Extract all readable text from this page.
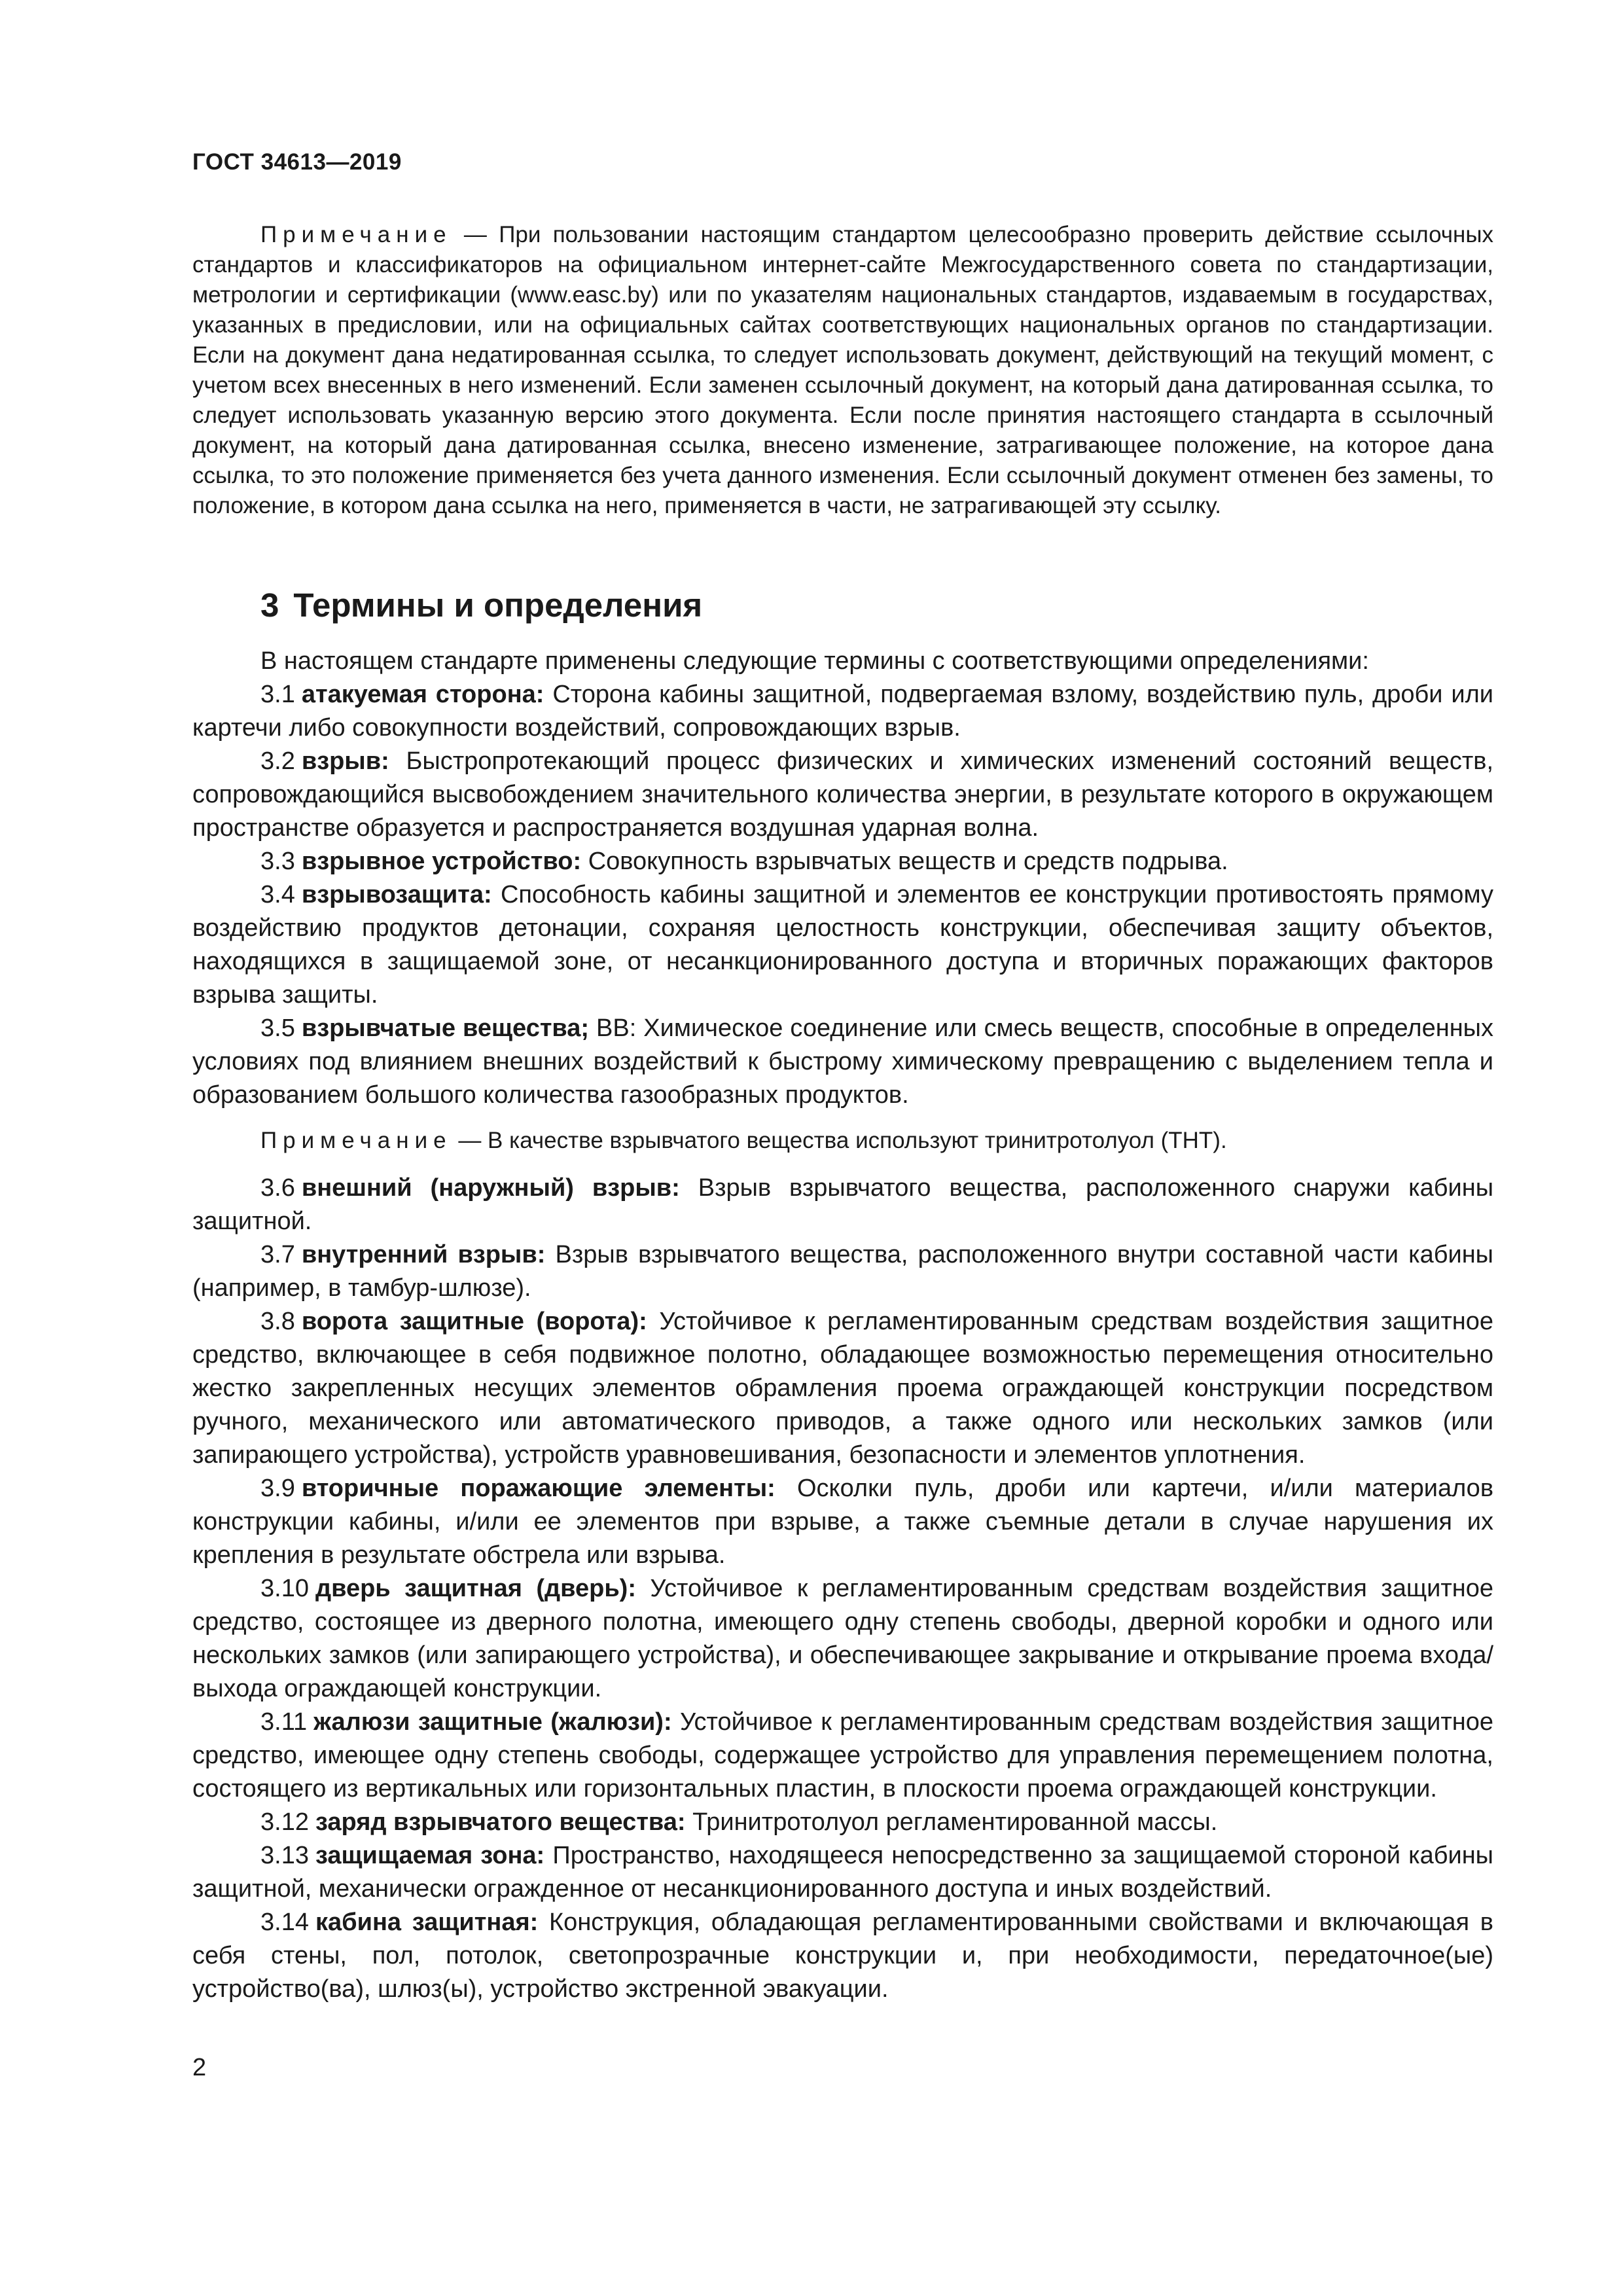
ГОСТ 34613—2019
Примечание — При пользовании настоящим стандартом целесообразно проверить действие ссылочных стандартов и классификаторов на официальном интернет-сайте Межгосударственного совета по стандартизации, метрологии и сертификации (www.easc.by) или по указателям национальных стандартов, издаваемым в государствах, указанных в предисловии, или на официальных сайтах соответствующих национальных органов по стандартизации. Если на документ дана недатированная ссылка, то следует использовать документ, действующий на текущий момент, с учетом всех внесенных в него изменений. Если заменен ссылочный документ, на который дана датированная ссылка, то следует использовать указанную версию этого документа. Если после принятия настоящего стандарта в ссылочный документ, на который дана датированная ссылка, внесено изменение, затрагивающее положение, на которое дана ссылка, то это положение применяется без учета данного изменения. Если ссылочный документ отменен без замены, то положение, в котором дана ссылка на него, применяется в части, не затрагивающей эту ссылку.
3 Термины и определения

В настоящем стандарте применены следующие термины с соответствующими определениями:

3.1 атакуемая сторона: Сторона кабины защитной, подвергаемая взлому, воздействию пуль, дроби или картечи либо совокупности воздействий, сопровождающих взрыв.

3.2 взрыв: Быстропротекающий процесс физических и химических изменений состояний веществ, сопровождающийся высвобождением значительного количества энергии, в результате которого в окружающем пространстве образуется и распространяется воздушная ударная волна.

3.3 взрывное устройство: Совокупность взрывчатых веществ и средств подрыва.

3.4 взрывозащита: Способность кабины защитной и элементов ее конструкции противостоять прямому воздействию продуктов детонации, сохраняя целостность конструкции, обеспечивая защиту объектов, находящихся в защищаемой зоне, от несанкционированного доступа и вторичных поражающих факторов взрыва защиты.

3.5 взрывчатые вещества; ВВ: Химическое соединение или смесь веществ, способные в определенных условиях под влиянием внешних воздействий к быстрому химическому превращению с выделением тепла и образованием большого количества газообразных продуктов.

Примечание — В качестве взрывчатого вещества используют тринитротолуол (ТНТ).

3.6 внешний (наружный) взрыв: Взрыв взрывчатого вещества, расположенного снаружи кабины защитной.

3.7 внутренний взрыв: Взрыв взрывчатого вещества, расположенного внутри составной части кабины (например, в тамбур-шлюзе).

3.8 ворота защитные (ворота): Устойчивое к регламентированным средствам воздействия защитное средство, включающее в себя подвижное полотно, обладающее возможностью перемещения относительно жестко закрепленных несущих элементов обрамления проема ограждающей конструкции посредством ручного, механического или автоматического приводов, а также одного или нескольких замков (или запирающего устройства), устройств уравновешивания, безопасности и элементов уплотнения.

3.9 вторичные поражающие элементы: Осколки пуль, дроби или картечи, и/или материалов конструкции кабины, и/или ее элементов при взрыве, а также съемные детали в случае нарушения их крепления в результате обстрела или взрыва.

3.10 дверь защитная (дверь): Устойчивое к регламентированным средствам воздействия защитное средство, состоящее из дверного полотна, имеющего одну степень свободы, дверной коробки и одного или нескольких замков (или запирающего устройства), и обеспечивающее закрывание и открывание проема входа/выхода ограждающей конструкции.

3.11 жалюзи защитные (жалюзи): Устойчивое к регламентированным средствам воздействия защитное средство, имеющее одну степень свободы, содержащее устройство для управления перемещением полотна, состоящего из вертикальных или горизонтальных пластин, в плоскости проема ограждающей конструкции.

3.12 заряд взрывчатого вещества: Тринитротолуол регламентированной массы.

3.13 защищаемая зона: Пространство, находящееся непосредственно за защищаемой стороной кабины защитной, механически огражденное от несанкционированного доступа и иных воздействий.

3.14 кабина защитная: Конструкция, обладающая регламентированными свойствами и включающая в себя стены, пол, потолок, светопрозрачные конструкции и, при необходимости, передаточное(ые) устройство(ва), шлюз(ы), устройство экстренной эвакуации.

2
